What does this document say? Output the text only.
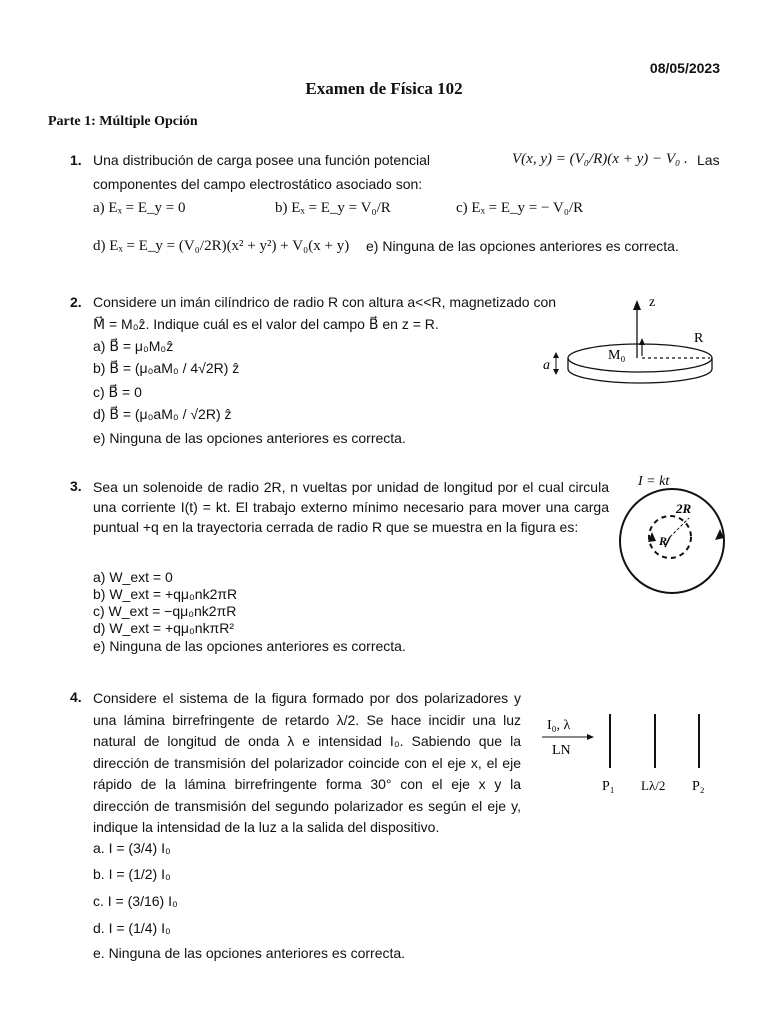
08/05/2023
Examen de Física 102
Parte 1: Múltiple Opción
1. Una distribución de carga posee una función potencial	V(x, y) = (V₀/R)(x + y) − V₀ . Las
componentes del campo electrostático asociado son:
a) Eₓ = E_y = 0	b) Eₓ = E_y = V₀/R	c) Eₓ = E_y = − V₀/R
d) Eₓ = E_y = (V₀/2R)(x² + y²) + V₀(x + y) e) Ninguna de las opciones anteriores es correcta.
2. Considere un imán cilíndrico de radio R con altura a<<R, magnetizado con
M⃗ = M₀ẑ. Indique cuál es el valor del campo B⃗ en z = R.
a) B⃗ = μ₀M₀ẑ
b) B⃗ = (μ₀aM₀ / 4√2R) ẑ
c) B⃗ = 0
d) B⃗ = (μ₀aM₀ / √2R) ẑ
e) Ninguna de las opciones anteriores es correcta.
z
R
M₀
a
3. Sea un solenoide de radio 2R, n vueltas por unidad de longitud por el cual circula una corriente I(t) = kt. El trabajo externo mínimo necesario para mover una carga puntual +q en la trayectoria cerrada de radio R que se muestra en la figura es:
a) W_ext = 0
b) W_ext = +qμ₀nk2πR
c) W_ext = −qμ₀nk2πR
d) W_ext = +qμ₀nkπR²
e) Ninguna de las opciones anteriores es correcta.
I = kt
2R
R
4. Considere el sistema de la figura formado por dos polarizadores y una lámina birrefringente de retardo λ/2. Se hace incidir una luz natural de longitud de onda λ e intensidad I₀. Sabiendo que la dirección de transmisión del polarizador coincide con el eje x, el eje rápido de la lámina birrefringente forma 30° con el eje x y la dirección de transmisión del segundo polarizador es según el eje y, indique la intensidad de la luz a la salida del dispositivo.
a. I = (3/4) I₀
b. I = (1/2) I₀
c. I = (3/16) I₀
d. I = (1/4) I₀
e. Ninguna de las opciones anteriores es correcta.
I₀, λ
LN
P₁ Lλ/2 P₂
